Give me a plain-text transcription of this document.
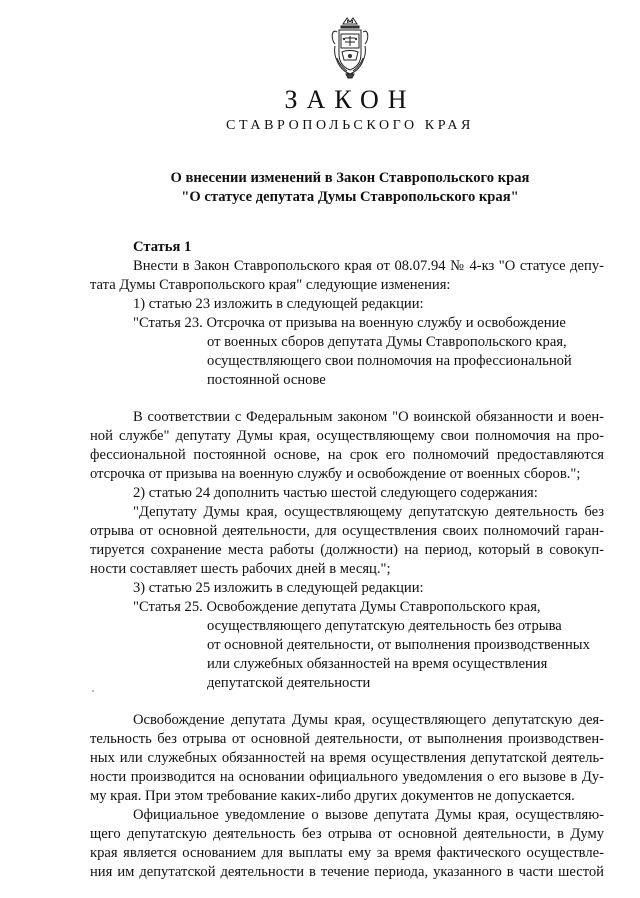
ЗАКОН
СТАВРОПОЛЬСКОГО КРАЯ
О внесении изменений в Закон Ставропольского края
"О статусе депутата Думы Ставропольского края"
Статья 1
Внести в Закон Ставропольского края от 08.07.94 № 4-кз "О статусе депу-
тата Думы Ставропольского края" следующие изменения:
1) статью 23 изложить в следующей редакции:
"Статья 23. Отсрочка от призыва на военную службу и освобождение
от военных сборов депутата Думы Ставропольского края,
осуществляющего свои полномочия на профессиональной
постоянной основе
В соответствии с Федеральным законом "О воинской обязанности и воен-
ной службе" депутату Думы края, осуществляющему свои полномочия на про-
фессиональной постоянной основе, на срок его полномочий предоставляются
отсрочка от призыва на военную службу и освобождение от военных сборов.";
2) статью 24 дополнить частью шестой следующего содержания:
"Депутату Думы края, осуществляющему депутатскую деятельность без
отрыва от основной деятельности, для осуществления своих полномочий гаран-
тируется сохранение места работы (должности) на период, который в совокуп-
ности составляет шесть рабочих дней в месяц.";
3) статью 25 изложить в следующей редакции:
"Статья 25. Освобождение депутата Думы Ставропольского края,
осуществляющего депутатскую деятельность без отрыва
от основной деятельности, от выполнения производственных
или служебных обязанностей на время осуществления
депутатской деятельности
Освобождение депутата Думы края, осуществляющего депутатскую дея-
тельность без отрыва от основной деятельности, от выполнения производствен-
ных или служебных обязанностей на время осуществления депутатской деятель-
ности производится на основании официального уведомления о его вызове в Ду-
му края. При этом требование каких-либо других документов не допускается.
Официальное уведомление о вызове депутата Думы края, осуществляю-
щего депутатскую деятельность без отрыва от основной деятельности, в Думу
края является основанием для выплаты ему за время фактического осуществле-
ния им депутатской деятельности в течение периода, указанного в части шестой
